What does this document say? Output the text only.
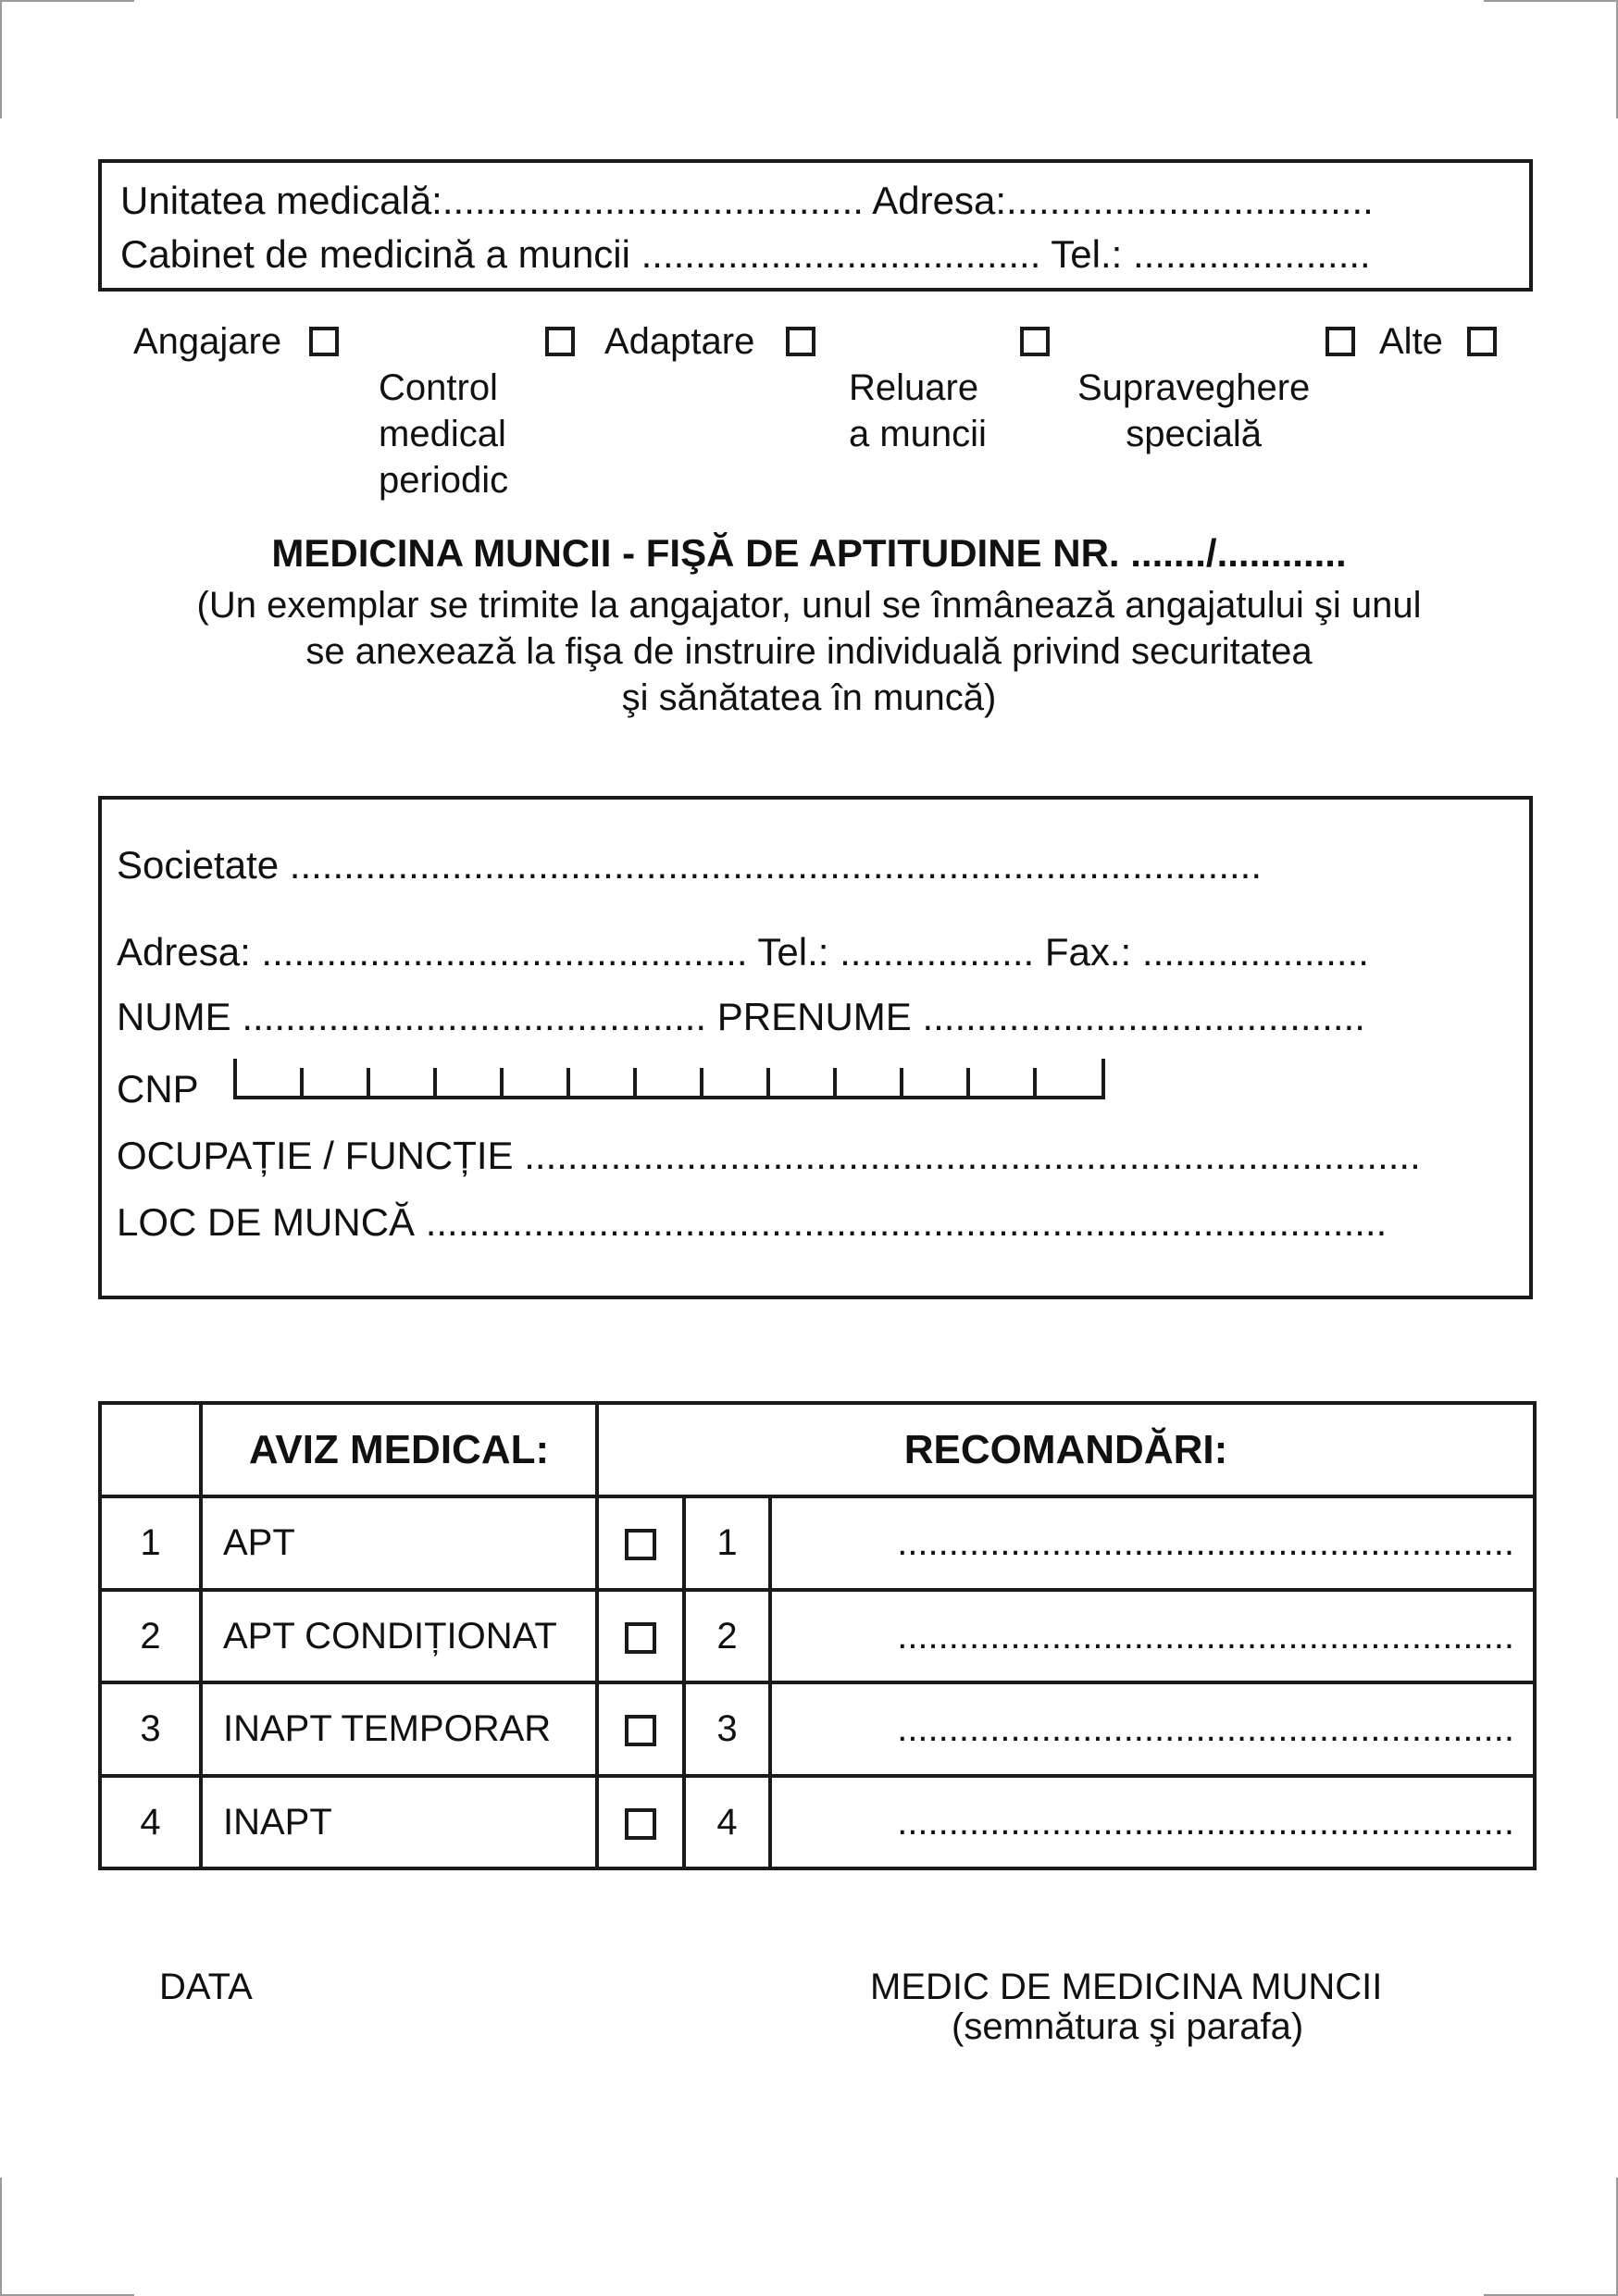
Unitatea medicală:....................................... Adresa:..................................
Cabinet de medicină a muncii ..................................... Tel.: ......................
Angajare

Control
medical
periodic

Adaptare

Reluare
a muncii

Supraveghere
specială

Alte
MEDICINA MUNCII - FIŞĂ DE APTITUDINE NR. ......./............
(Un exemplar se trimite la angajator, unul se înmânează angajatului şi unul
se anexează la fişa de instruire individuală privind securitatea
şi sănătatea în muncă)
Societate ..........................................................................................
Adresa: ............................................. Tel.: .................. Fax.: .....................
NUME ........................................... PRENUME .........................................
CNP
OCUPAȚIE / FUNCȚIE ...................................................................................
LOC DE MUNCĂ .........................................................................................
	AVIZ MEDICAL:	RECOMANDĂRI:		
1	APT		1	............................................................
2	APT CONDIȚIONAT		2	............................................................
3	INAPT TEMPORAR		3	............................................................
4	INAPT		4	............................................................
DATA	MEDIC DE MEDICINA MUNCII
(semnătura şi parafa)
